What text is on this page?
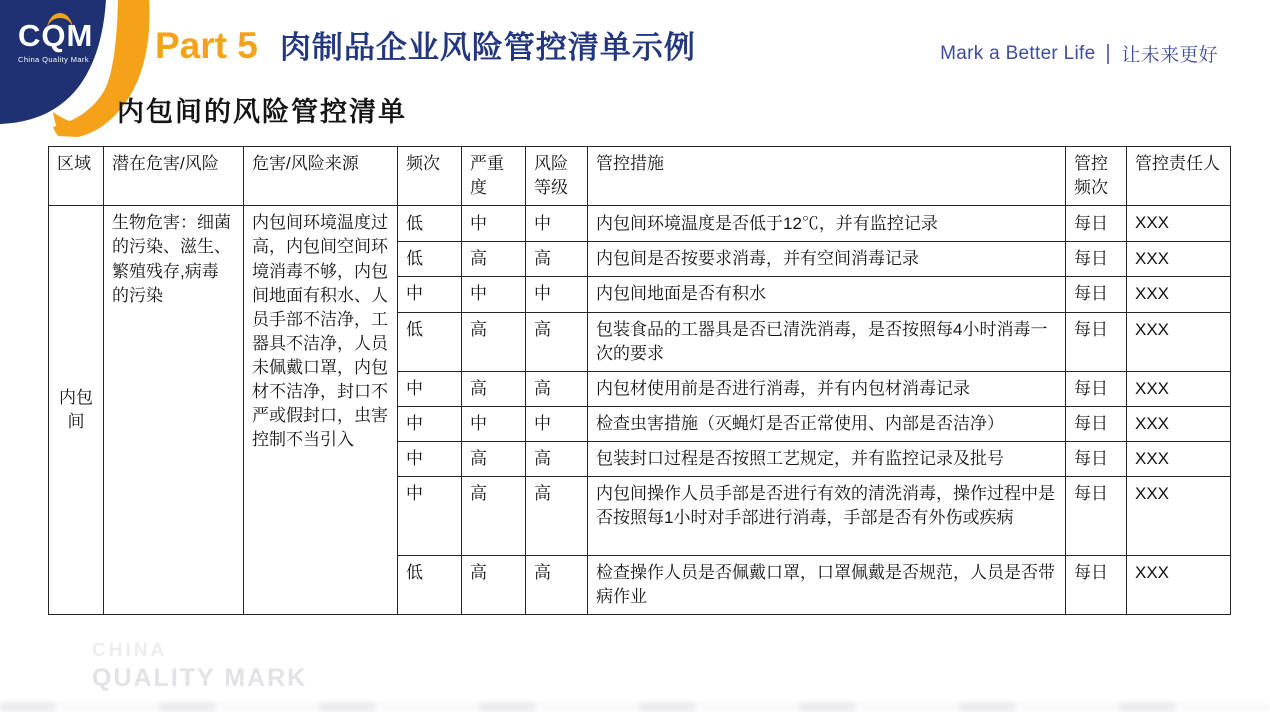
CQM
China Quality Mark	Part 5 肉制品企业风险管控清单示例	Mark a Better Life 让未来更好
内包间的风险管控清单
区域	潜在危害/风险	危害/风险来源	频次	严重度	风险等级	管控措施	管控频次	管控责任人
内包间	生物危害：细菌的污染、滋生、繁殖残存,病毒的污染	内包间环境温度过高，内包间空间环境消毒不够，内包间地面有积水、人员手部不洁净，工器具不洁净，人员未佩戴口罩，内包材不洁净，封口不严或假封口，虫害控制不当引入	低	中	中	内包间环境温度是否低于12℃，并有监控记录	每日	XXX
			低	高	高	内包间是否按要求消毒，并有空间消毒记录	每日	XXX
			中	中	中	内包间地面是否有积水	每日	XXX
			低	高	高	包装食品的工器具是否已清洗消毒，是否按照每4小时消毒一次的要求	每日	XXX
			中	高	高	内包材使用前是否进行消毒，并有内包材消毒记录	每日	XXX
			中	中	中	检查虫害措施（灭蝇灯是否正常使用、内部是否洁净）	每日	XXX
			中	高	高	包装封口过程是否按照工艺规定，并有监控记录及批号	每日	XXX
			中	高	高	内包间操作人员手部是否进行有效的清洗消毒，操作过程中是否按照每1小时对手部进行消毒，手部是否有外伤或疾病	每日	XXX
			低	高	高	检查操作人员是否佩戴口罩，口罩佩戴是否规范，人员是否带病作业	每日	XXX
CHINA
QUALITY MARK
